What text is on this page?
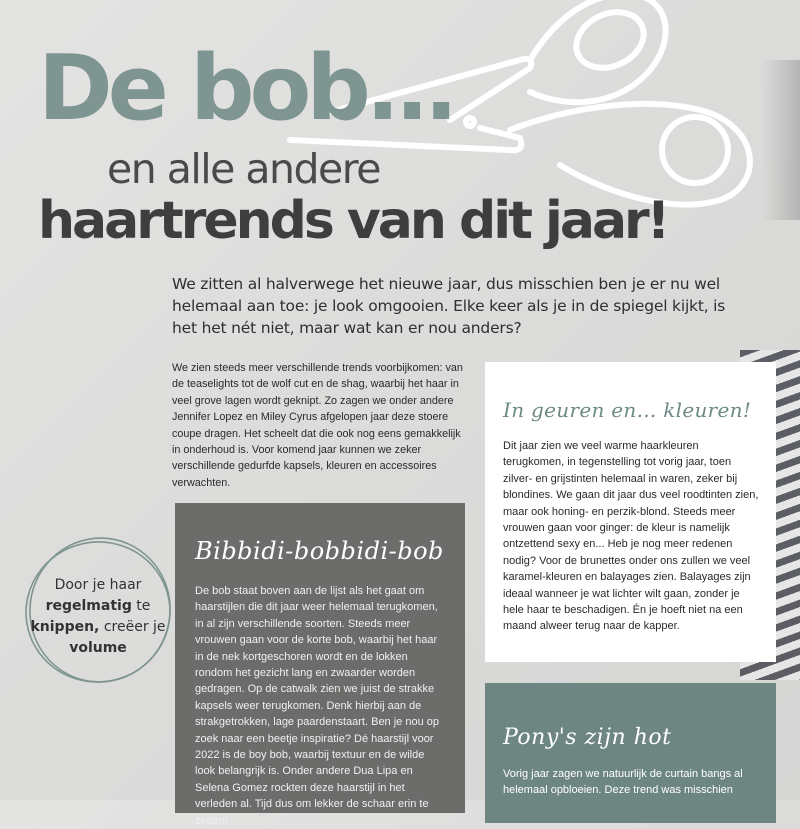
De bob...
en alle andere
haartrends van dit jaar!

We zitten al halverwege het nieuwe jaar, dus misschien ben je er nu wel helemaal aan toe: je look omgooien. Elke keer als je in de spiegel kijkt, is het het nét niet, maar wat kan er nou anders?

We zien steeds meer verschillende trends voorbijkomen: van de teaselights tot de wolf cut en de shag, waarbij het haar in veel grove lagen wordt geknipt. Zo zagen we onder andere Jennifer Lopez en Miley Cyrus afgelopen jaar deze stoere coupe dragen. Het scheelt dat die ook nog eens gemakkelijk in onderhoud is. Voor komend jaar kunnen we zeker verschillende gedurfde kapsels, kleuren en accessoires verwachten.

Door je haar
regelmatig te
knippen, creëer je volume
Bibbidi-bobbidi-bob

De bob staat boven aan de lijst als het gaat om haarstijlen die dit jaar weer helemaal terugkomen, in al zijn verschillende soorten. Steeds meer vrouwen gaan voor de korte bob, waarbij het haar in de nek kortgeschoren wordt en de lokken rondom het gezicht lang en zwaarder worden gedragen. Op de catwalk zien we juist de strakke kapsels weer terugkomen. Denk hierbij aan de strakgetrokken, lage paardenstaart. Ben je nou op zoek naar een beetje inspiratie? Dé haarstijl voor 2022 is de boy bob, waarbij textuur en de wilde look belangrijk is. Onder andere Dua Lipa en Selena Gomez rockten deze haarstijl in het verleden al. Tijd dus om lekker de schaar erin te zetten!

In geuren en... kleuren!

Dit jaar zien we veel warme haarkleuren terugkomen, in tegenstelling tot vorig jaar, toen zilver- en grijstinten helemaal in waren, zeker bij blondines. We gaan dit jaar dus veel roodtinten zien, maar ook honing- en perzik-blond. Steeds meer vrouwen gaan voor ginger: de kleur is namelijk ontzettend sexy en... Heb je nog meer redenen nodig? Voor de brunettes onder ons zullen we veel karamel-kleuren en balayages zien. Balayages zijn ideaal wanneer je wat lichter wilt gaan, zonder je hele haar te beschadigen. Én je hoeft niet na een maand alweer terug naar de kapper.

Pony's zijn hot

Vorig jaar zagen we natuurlijk de curtain bangs al helemaal opbloeien. Deze trend was misschien
